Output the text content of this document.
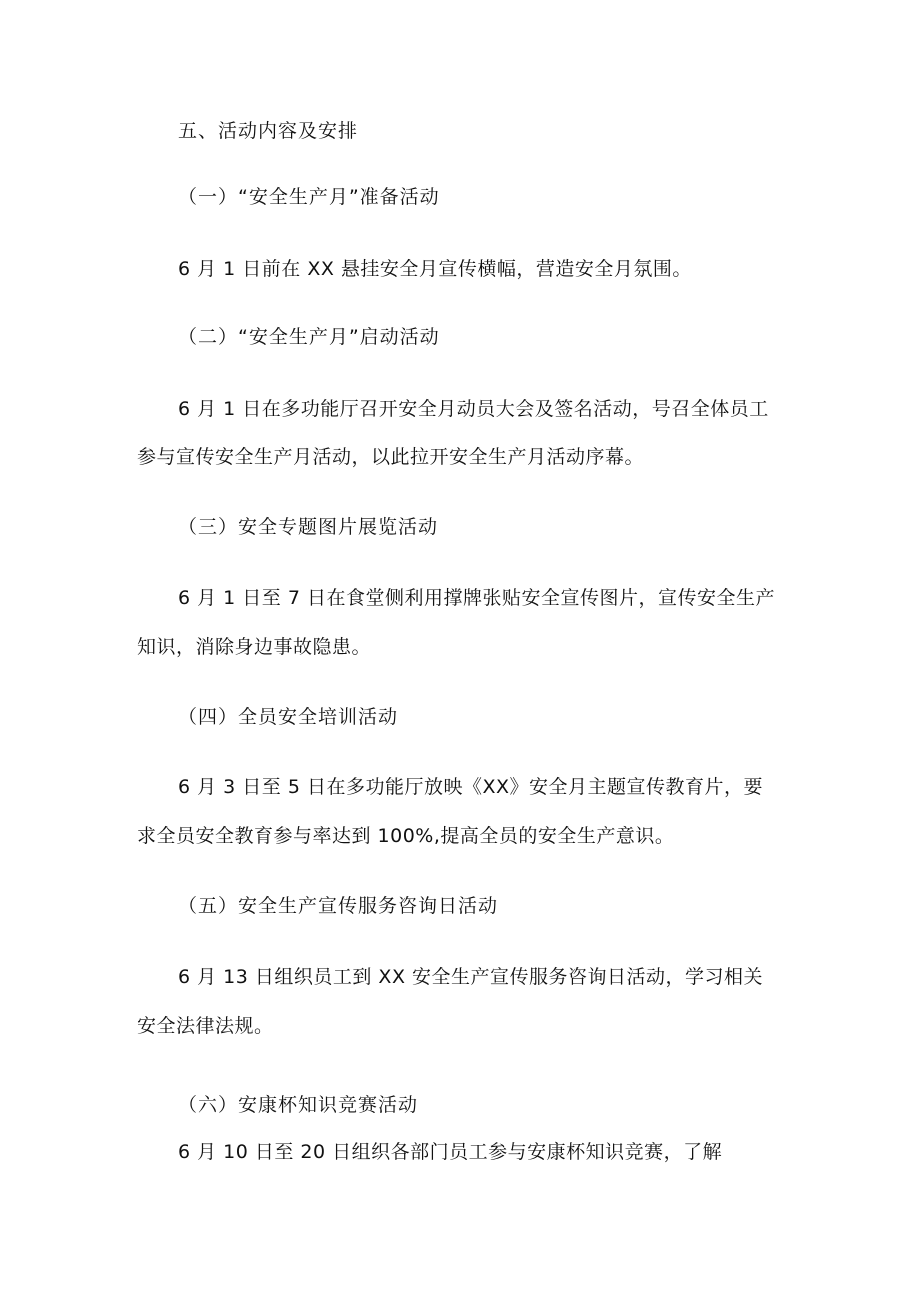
五、活动内容及安排
（一）“安全生产月”准备活动
6 月 1 日前在 XX 悬挂安全月宣传横幅，营造安全月氛围。
（二）“安全生产月”启动活动
6 月 1 日在多功能厅召开安全月动员大会及签名活动，号召全体员工
参与宣传安全生产月活动，以此拉开安全生产月活动序幕。
（三）安全专题图片展览活动
6 月 1 日至 7 日在食堂侧利用撑牌张贴安全宣传图片，宣传安全生产
知识，消除身边事故隐患。
（四）全员安全培训活动
6 月 3 日至 5 日在多功能厅放映《XX》安全月主题宣传教育片，要
求全员安全教育参与率达到 100%,提高全员的安全生产意识。
（五）安全生产宣传服务咨询日活动
6 月 13 日组织员工到 XX 安全生产宣传服务咨询日活动，学习相关
安全法律法规。
（六）安康杯知识竞赛活动
6 月 10 日至 20 日组织各部门员工参与安康杯知识竞赛，了解
